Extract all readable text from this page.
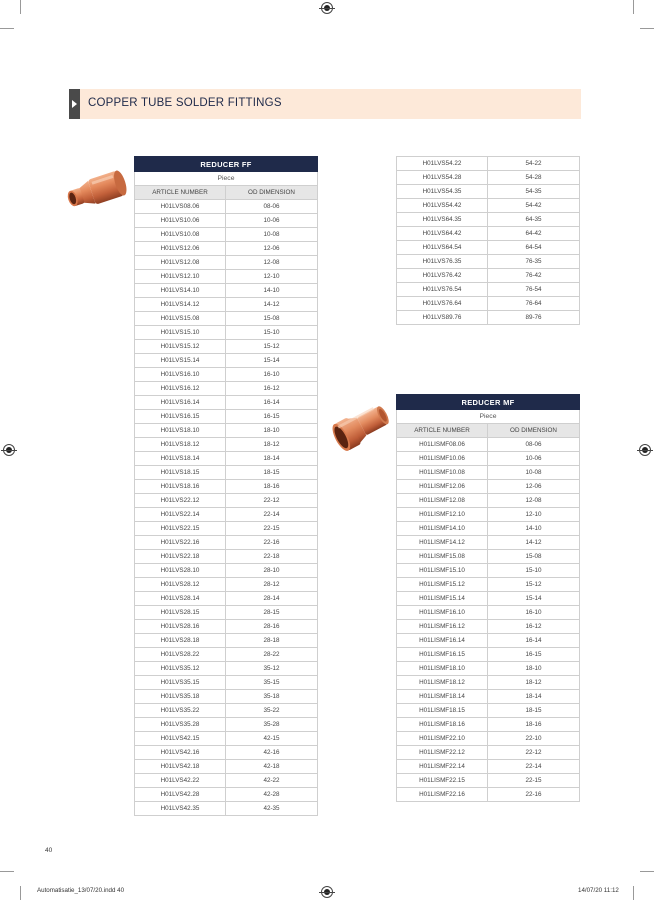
COPPER TUBE SOLDER FITTINGS
REDUCER FF	
Piece	
ARTICLE NUMBER	OD DIMENSION
H01LVS08.06	08-06
H01LVS10.06	10-06
H01LVS10.08	10-08
H01LVS12.06	12-06
H01LVS12.08	12-08
H01LVS12.10	12-10
H01LVS14.10	14-10
H01LVS14.12	14-12
H01LVS15.08	15-08
H01LVS15.10	15-10
H01LVS15.12	15-12
H01LVS15.14	15-14
H01LVS16.10	16-10
H01LVS16.12	16-12
H01LVS16.14	16-14
H01LVS16.15	16-15
H01LVS18.10	18-10
H01LVS18.12	18-12
H01LVS18.14	18-14
H01LVS18.15	18-15
H01LVS18.16	18-16
H01LVS22.12	22-12
H01LVS22.14	22-14
H01LVS22.15	22-15
H01LVS22.16	22-16
H01LVS22.18	22-18
H01LVS28.10	28-10
H01LVS28.12	28-12
H01LVS28.14	28-14
H01LVS28.15	28-15
H01LVS28.16	28-16
H01LVS28.18	28-18
H01LVS28.22	28-22
H01LVS35.12	35-12
H01LVS35.15	35-15
H01LVS35.18	35-18
H01LVS35.22	35-22
H01LVS35.28	35-28
H01LVS42.15	42-15
H01LVS42.16	42-16
H01LVS42.18	42-18
H01LVS42.22	42-22
H01LVS42.28	42-28
H01LVS42.35	42-35
H01LVS54.22	54-22
H01LVS54.28	54-28
H01LVS54.35	54-35
H01LVS54.42	54-42
H01LVS64.35	64-35
H01LVS64.42	64-42
H01LVS64.54	64-54
H01LVS76.35	76-35
H01LVS76.42	76-42
H01LVS76.54	76-54
H01LVS76.64	76-64
H01LVS89.76	89-76
REDUCER MF	
Piece	
ARTICLE NUMBER	OD DIMENSION
H01LISMF08.06	08-06
H01LISMF10.06	10-06
H01LISMF10.08	10-08
H01LISMF12.06	12-06
H01LISMF12.08	12-08
H01LISMF12.10	12-10
H01LISMF14.10	14-10
H01LISMF14.12	14-12
H01LISMF15.08	15-08
H01LISMF15.10	15-10
H01LISMF15.12	15-12
H01LISMF15.14	15-14
H01LISMF16.10	16-10
H01LISMF16.12	16-12
H01LISMF16.14	16-14
H01LISMF16.15	16-15
H01LISMF18.10	18-10
H01LISMF18.12	18-12
H01LISMF18.14	18-14
H01LISMF18.15	18-15
H01LISMF18.16	18-16
H01LISMF22.10	22-10
H01LISMF22.12	22-12
H01LISMF22.14	22-14
H01LISMF22.15	22-15
H01LISMF22.16	22-16
40
Automatisatie_13/07/20.indd 40	14/07/20 11:12
